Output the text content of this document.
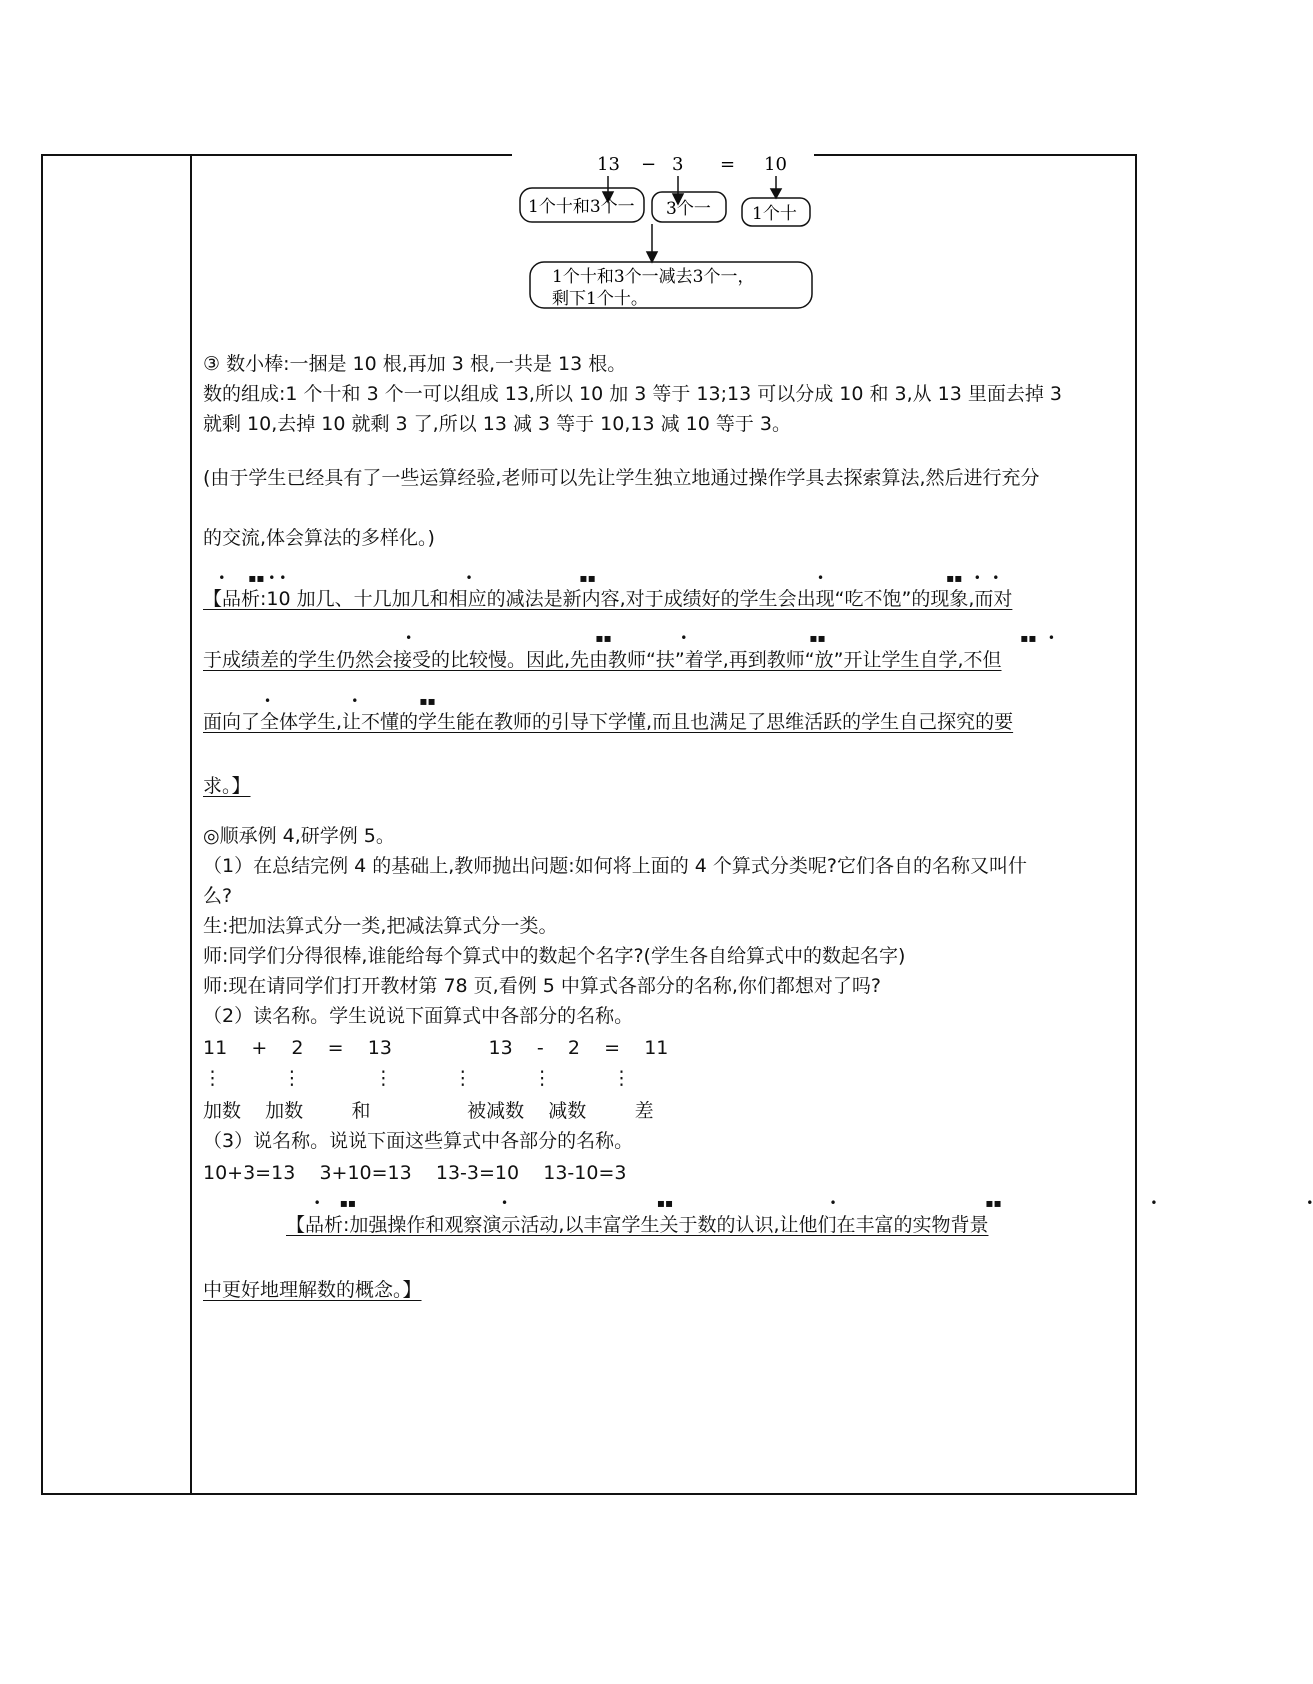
13 − 3 = 10
1个十和3个一 3个一 1个十
1个十和3个一减去3个一，
剩下1个十。
③ 数小棒:一捆是 10 根,再加 3 根,一共是 13 根。
数的组成:1 个十和 3 个一可以组成 13,所以 10 加 3 等于 13;13 可以分成 10 和 3,从 13 里面去掉 3
就剩 10,去掉 10 就剩 3 了,所以 13 减 3 等于 10,13 减 10 等于 3。
(由于学生已经具有了一些运算经验,老师可以先让学生独立地通过操作学具去探索算法,然后进行充分
的交流,体会算法的多样化。)
•      ▪▪ • •                                               •                            ▪▪                                                          •                                ▪▪   •   •
【品析:10 加几、十几加几和相应的减法是新内容,对于成绩好的学生会出现“吃不饱”的现象,而对
•                                                ▪▪                  •                                ▪▪                                                   ▪▪   •
于成绩差的学生仍然会接受的比较慢。因此,先由教师“扶”着学,再到教师“放”开让学生自学,不但
•                     •                ▪▪
面向了全体学生,让不懂的学生能在教师的引导下学懂,而且也满足了思维活跃的学生自己探究的要
求。】
◎顺承例 4,研学例 5。
（1）在总结完例 4 的基础上,教师抛出问题:如何将上面的 4 个算式分类呢?它们各自的名称又叫什
么?
生:把加法算式分一类,把减法算式分一类。
师:同学们分得很棒,谁能给每个算式中的数起个名字?(学生各自给算式中的数起名字)
师:现在请同学们打开教材第 78 页,看例 5 中算式各部分的名称,你们都想对了吗?
（2）读名称。学生说说下面算式中各部分的名称。
11    +    2    =    13                13    -    2    =    11
⋮          ⋮            ⋮          ⋮          ⋮          ⋮
加数    加数        和                被减数    减数        差
（3）说名称。说说下面这些算式中各部分的名称。
10+3=13    3+10=13    13-3=10    13-10=3
•     ▪▪                                      •                                       ▪▪                                         •                                       ▪▪                                       •                                       •
【品析:加强操作和观察演示活动,以丰富学生关于数的认识,让他们在丰富的实物背景
中更好地理解数的概念。】
